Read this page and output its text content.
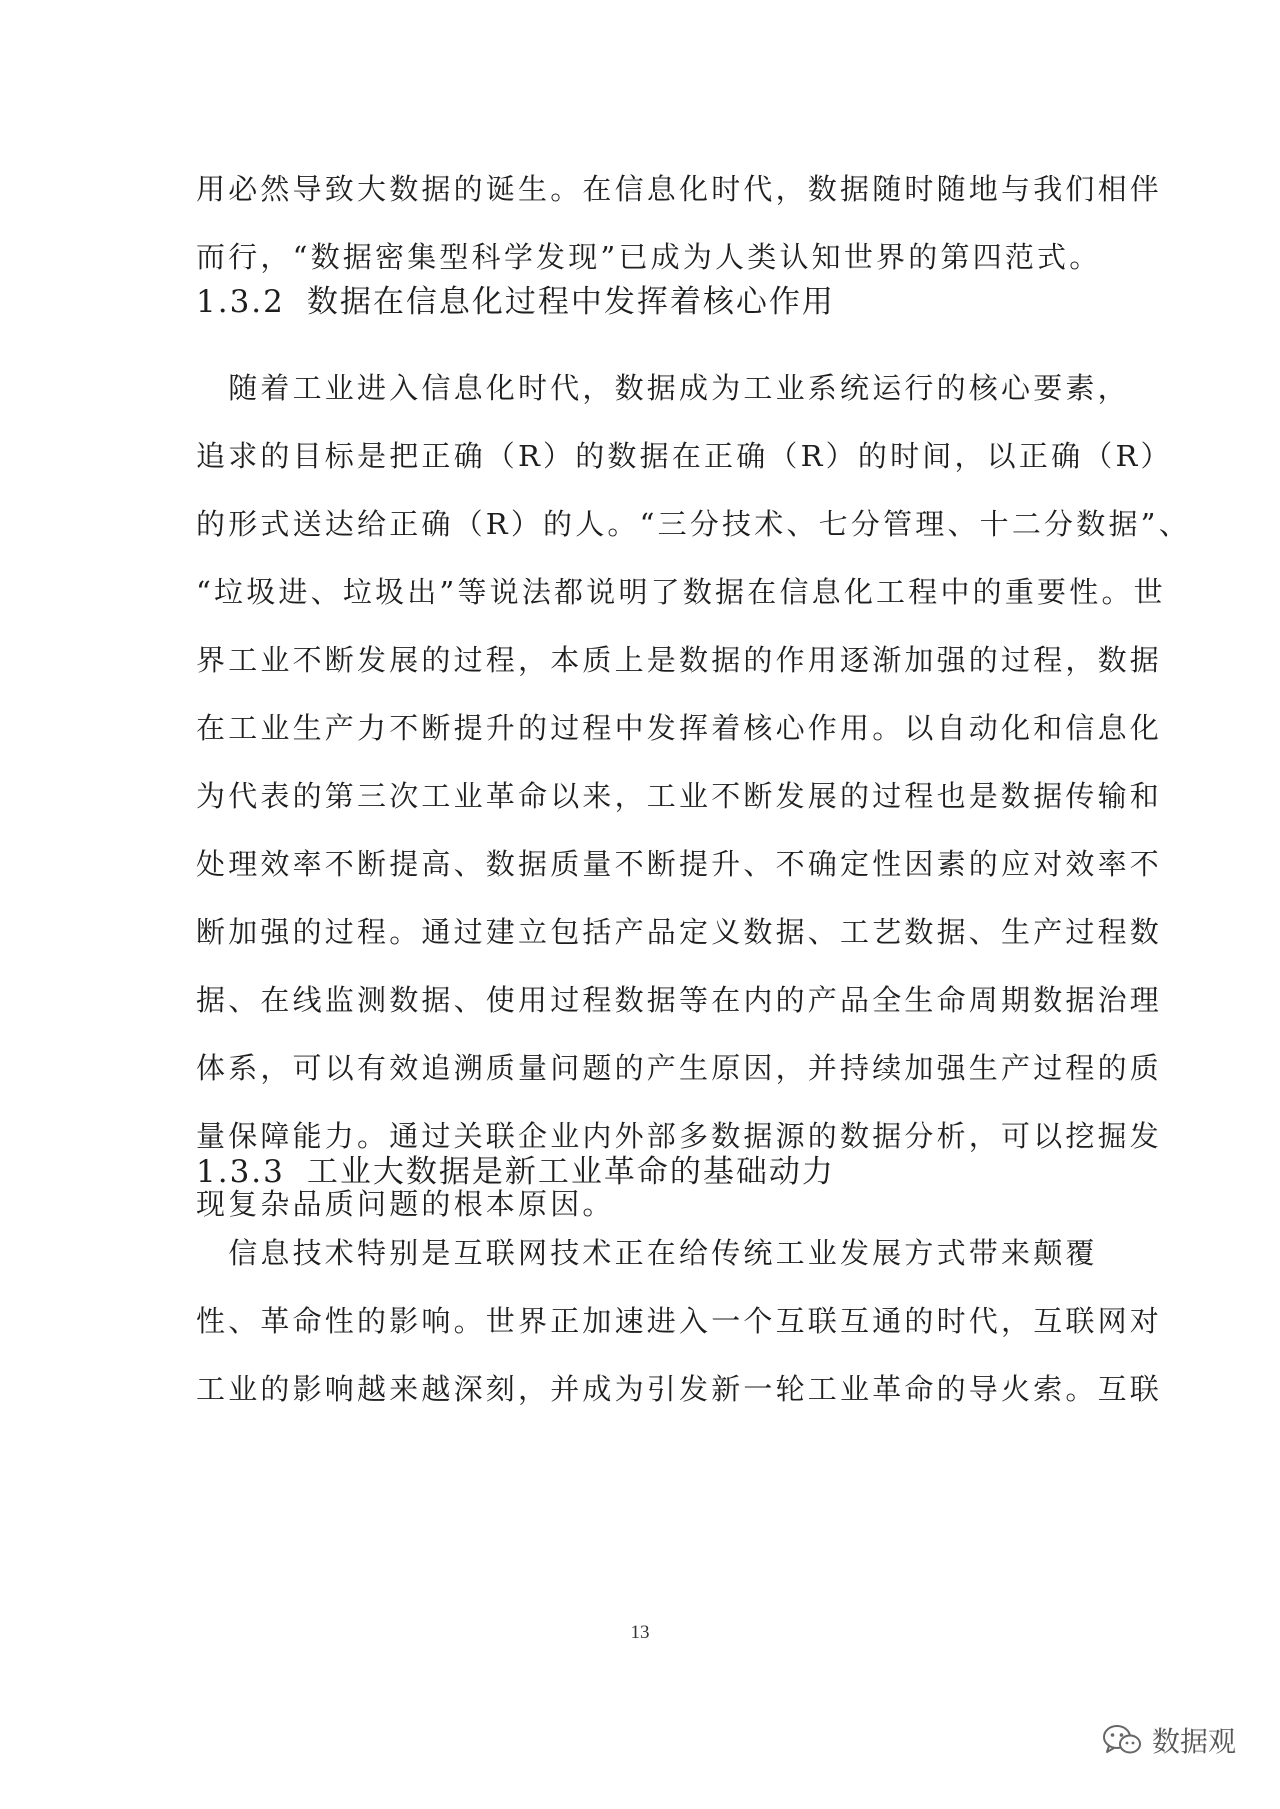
用必然导致大数据的诞生。在信息化时代，数据随时随地与我们相伴
而行，“数据密集型科学发现”已成为人类认知世界的第四范式。
1.3.2 数据在信息化过程中发挥着核心作用
　随着工业进入信息化时代，数据成为工业系统运行的核心要素，
追求的目标是把正确（R）的数据在正确（R）的时间，以正确（R）
的形式送达给正确（R）的人。“三分技术、七分管理、十二分数据”、
“垃圾进、垃圾出”等说法都说明了数据在信息化工程中的重要性。世
界工业不断发展的过程，本质上是数据的作用逐渐加强的过程，数据
在工业生产力不断提升的过程中发挥着核心作用。以自动化和信息化
为代表的第三次工业革命以来，工业不断发展的过程也是数据传输和
处理效率不断提高、数据质量不断提升、不确定性因素的应对效率不
断加强的过程。通过建立包括产品定义数据、工艺数据、生产过程数
据、在线监测数据、使用过程数据等在内的产品全生命周期数据治理
体系，可以有效追溯质量问题的产生原因，并持续加强生产过程的质
量保障能力。通过关联企业内外部多数据源的数据分析，可以挖掘发
现复杂品质问题的根本原因。
1.3.3 工业大数据是新工业革命的基础动力
　信息技术特别是互联网技术正在给传统工业发展方式带来颠覆
性、革命性的影响。世界正加速进入一个互联互通的时代，互联网对
工业的影响越来越深刻，并成为引发新一轮工业革命的导火索。互联
13
数据观
